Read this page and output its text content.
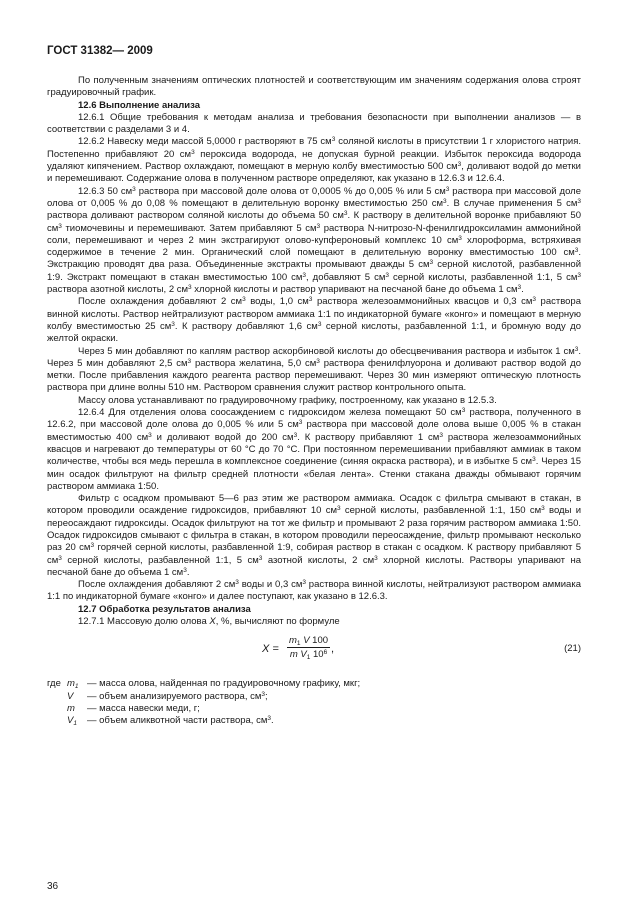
ГОСТ 31382— 2009

По полученным значениям оптических плотностей и соответствующим им значениям содержания олова строят градуировочный график.

12.6 Выполнение анализа

12.6.1 Общие требования к методам анализа и требования безопасности при выполнении анализов — в соответствии с разделами 3 и 4.

12.6.2 Навеску меди массой 5,0000 г растворяют в 75 $см^3$ соляной кислоты в присутствии 1 г хлористого натрия. Постепенно прибавляют 20 $см^3$ пероксида водорода, не допуская бурной реакции. Избыток пероксида водорода удаляют кипячением. Раствор охлаждают, помещают в мерную колбу вместимостью 500 $см^3$, доливают водой до метки и перемешивают. Содержание олова в полученном растворе определяют, как указано в 12.6.3 и 12.6.4.

12.6.3 50 $см^3$ раствора при массовой доле олова от 0,0005 % до 0,005 % или 5 $см^3$ раствора при массовой доле олова от 0,005 % до 0,08 % помещают в делительную воронку вместимостью 250 $см^3$. В случае применения 5 $см^3$ раствора доливают раствором соляной кислоты до объема 50 $см^3$. К раствору в делительной воронке прибавляют 50 $см^3$ тиомочевины и перемешивают. Затем прибавляют 5 $см^3$ раствора N-нитрозо-N-фенилгидроксиламин аммонийной соли, перемешивают и через 2 мин экстрагируют олово-купфероновый комплекс 10 $см^3$ хлороформа, встряхивая содержимое в течение 2 мин. Органический слой помещают в делительную воронку вместимостью 100 $см^3$. Экстракцию проводят два раза. Объединенные экстракты промывают дважды 5 $см^3$ серной кислотой, разбавленной 1:9. Экстракт помещают в стакан вместимостью 100 $см^3$, добавляют 5 $см^3$ серной кислоты, разбавленной 1:1, 5 $см^3$ раствора азотной кислоты, 2 $см^3$ хлорной кислоты и раствор упаривают на песчаной бане до объема 1 $см^3$.

После охлаждения добавляют 2 $см^3$ воды, 1,0 $см^3$ раствора железоаммонийных квасцов и 0,3 $см^3$ раствора винной кислоты. Раствор нейтрализуют раствором аммиака 1:1 по индикаторной бумаге «конго» и помещают в мерную колбу вместимостью 25 $см^3$. К раствору добавляют 1,6 $см^3$ серной кислоты, разбавленной 1:1, и бромную воду до желтой окраски.

Через 5 мин добавляют по каплям раствор аскорбиновой кислоты до обесцвечивания раствора и избыток 1 $см^3$. Через 5 мин добавляют 2,5 $см^3$ раствора желатина, 5,0 $см^3$ раствора фенилфлуорона и доливают раствор водой до метки. После прибавления каждого реагента раствор перемешивают. Через 30 мин измеряют оптическую плотность раствора при длине волны 510 нм. Раствором сравнения служит раствор контрольного опыта.

Массу олова устанавливают по градуировочному графику, построенному, как указано в 12.5.3.

12.6.4 Для отделения олова соосаждением с гидроксидом железа помещают 50 $см^3$ раствора, полученного в 12.6.2, при массовой доле олова до 0,005 % или 5 $см^3$ раствора при массовой доле олова выше 0,005 % в стакан вместимостью 400 $см^3$ и доливают водой до 200 $см^3$. К раствору прибавляют 1 $см^3$ раствора железоаммонийных квасцов и нагревают до температуры от 60 °C до 70 °C. При постоянном перемешивании прибавляют аммиак в таком количестве, чтобы вся медь перешла в комплексное соединение (синяя окраска раствора), и в избытке 5 $см^3$. Через 15 мин осадок фильтруют на фильтр средней плотности «белая лента». Стенки стакана дважды обмывают горячим раствором аммиака 1:50.

Фильтр с осадком промывают 5—6 раз этим же раствором аммиака. Осадок с фильтра смывают в стакан, в котором проводили осаждение гидроксидов, прибавляют 10 $см^3$ серной кислоты, разбавленной 1:1, 150 $см^3$ воды и переосаждают гидроксиды. Осадок фильтруют на тот же фильтр и промывают 2 раза горячим раствором аммиака 1:50. Осадок гидроксидов смывают с фильтра в стакан, в котором проводили переосаждение, фильтр промывают несколько раз 20 $см^3$ горячей серной кислоты, разбавленной 1:9, собирая раствор в стакан с осадком. К раствору прибавляют 5 $см^3$ серной кислоты, разбавленной 1:1, 5 $см^3$ азотной кислоты, 2 $см^3$ хлорной кислоты. Растворы упаривают на песчаной бане до объема 1 $см^3$.

После охлаждения добавляют 2 $см^3$ воды и 0,3 $см^3$ раствора винной кислоты, нейтрализуют раствором аммиака 1:1 по индикаторной бумаге «конго» и далее поступают, как указано в 12.6.3.

12.7 Обработка результатов анализа

12.7.1 Массовую долю олова X, %, вычисляют по формуле

$X = \frac{m_1 V 100}{m V_1 10^6}$ ,	(21)
где $m_1$ — масса олова, найденная по градуировочному графику, мкг;
V — объем анализируемого раствора, $см^3$;
m — масса навески меди, г;
$V_1$ — объем аликвотной части раствора, $см^3$.
36
